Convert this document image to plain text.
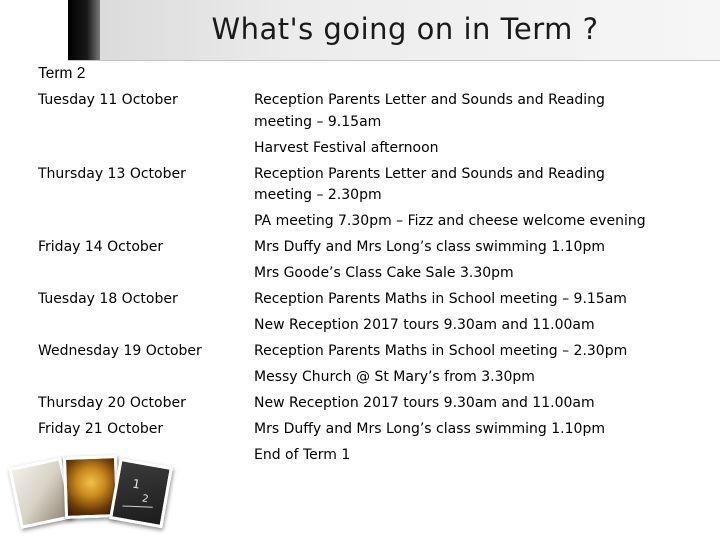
What's going on in Term ?
Term 2
Tuesday 11 October
Thursday 13 October
Friday 14 October
Tuesday 18 October
Wednesday 19 October
Thursday 20 October
Friday 21 October
Reception Parents Letter and Sounds and Reading
meeting – 9.15am
Harvest Festival afternoon
Reception Parents Letter and Sounds and Reading
meeting – 2.30pm
PA meeting 7.30pm – Fizz and cheese welcome evening
Mrs Duffy and Mrs Long’s class swimming 1.10pm
Mrs Goode’s Class Cake Sale 3.30pm
Reception Parents Maths in School meeting – 9.15am
New Reception 2017 tours 9.30am and 11.00am
Reception Parents Maths in School meeting – 2.30pm
Messy Church @ St Mary’s from 3.30pm
New Reception 2017 tours 9.30am and 11.00am
Mrs Duffy and Mrs Long’s class swimming 1.10pm
End of Term 1
1
2
